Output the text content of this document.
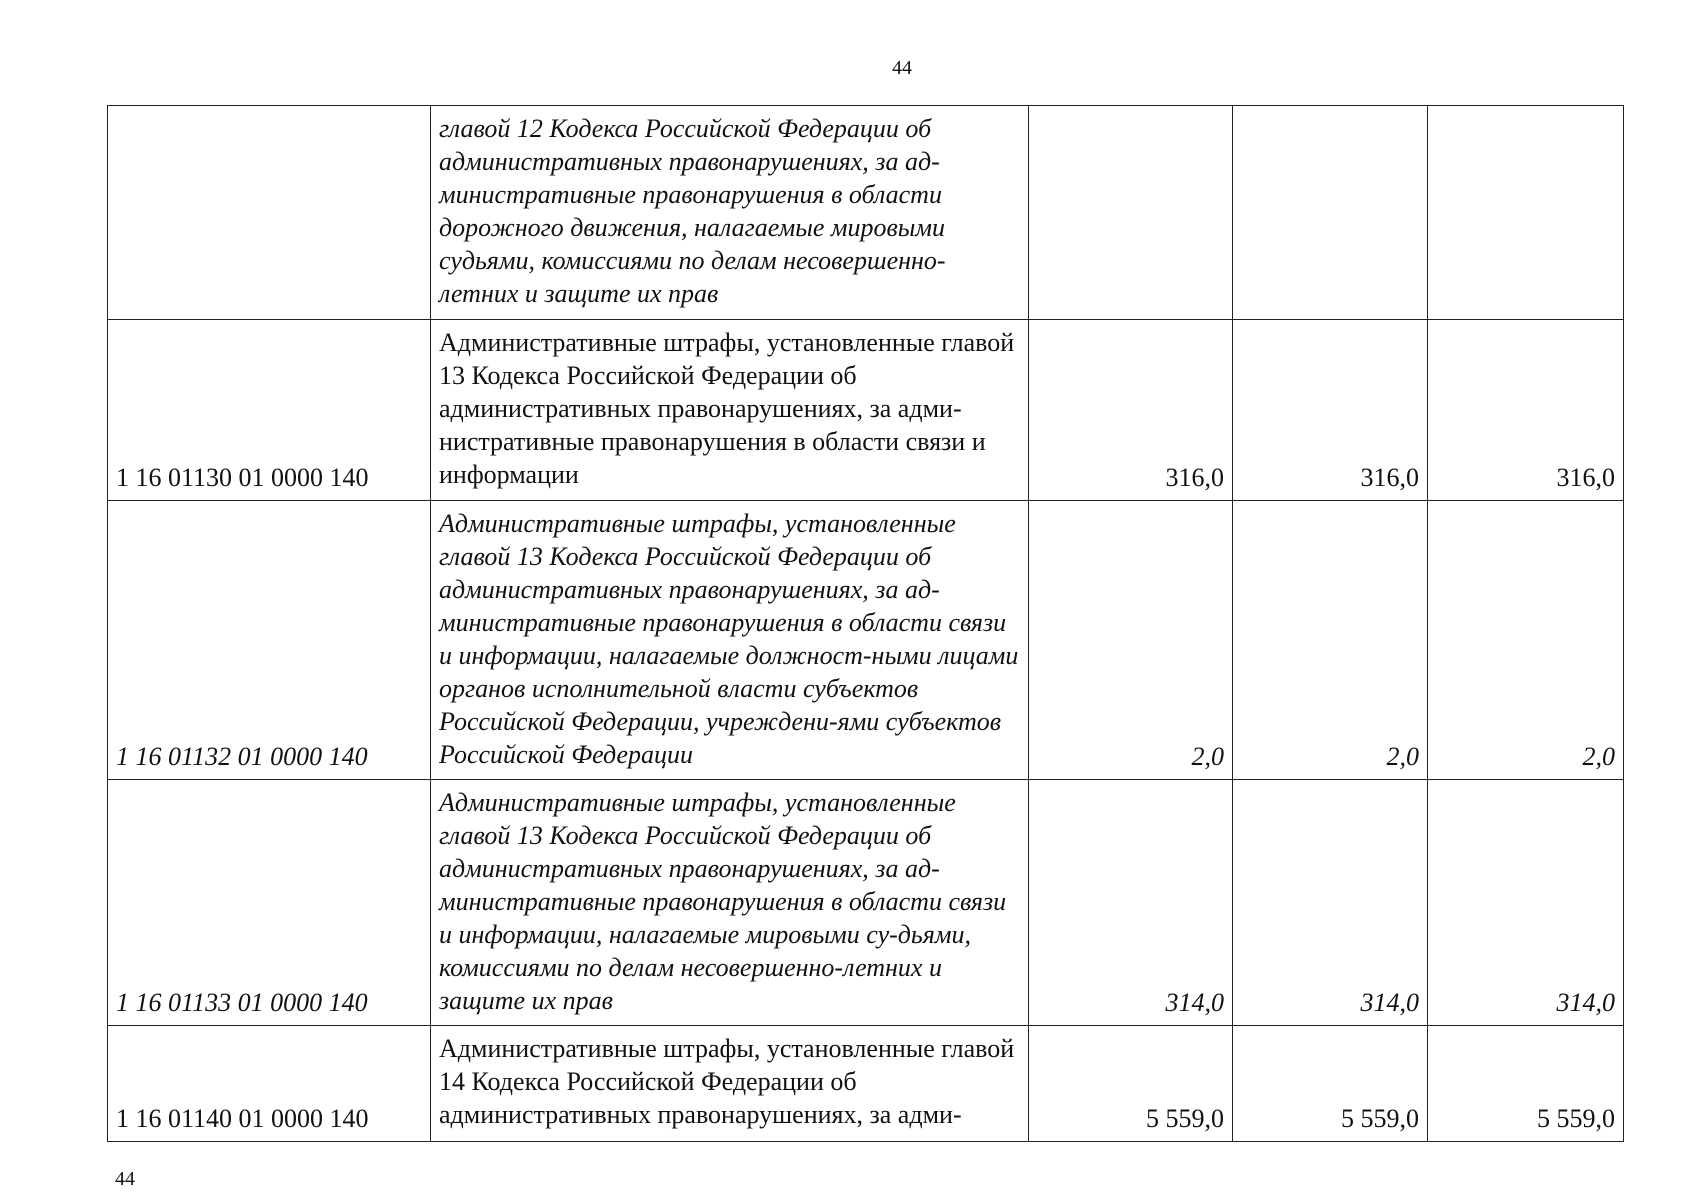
44
	главой 12 Кодекса Российской Федерации об административных правонарушениях, за ад-министративные правонарушения в области дорожного движения, налагаемые мировыми судьями, комиссиями по делам несовершенно-летних и защите их прав			
1 16 01130 01 0000 140	Административные штрафы, установленные главой 13 Кодекса Российской Федерации об административных правонарушениях, за адми-нистративные правонарушения в области связи и информации	316,0	316,0	316,0
1 16 01132 01 0000 140	Административные штрафы, установленные главой 13 Кодекса Российской Федерации об административных правонарушениях, за ад-министративные правонарушения в области связи и информации, налагаемые должност-ными лицами органов исполнительной власти субъектов Российской Федерации, учреждени-ями субъектов Российской Федерации	2,0	2,0	2,0
1 16 01133 01 0000 140	Административные штрафы, установленные главой 13 Кодекса Российской Федерации об административных правонарушениях, за ад-министративные правонарушения в области связи и информации, налагаемые мировыми су-дьями, комиссиями по делам несовершенно-летних и защите их прав	314,0	314,0	314,0
1 16 01140 01 0000 140	Административные штрафы, установленные главой 14 Кодекса Российской Федерации об административных правонарушениях, за адми-	5 559,0	5 559,0	5 559,0
44
